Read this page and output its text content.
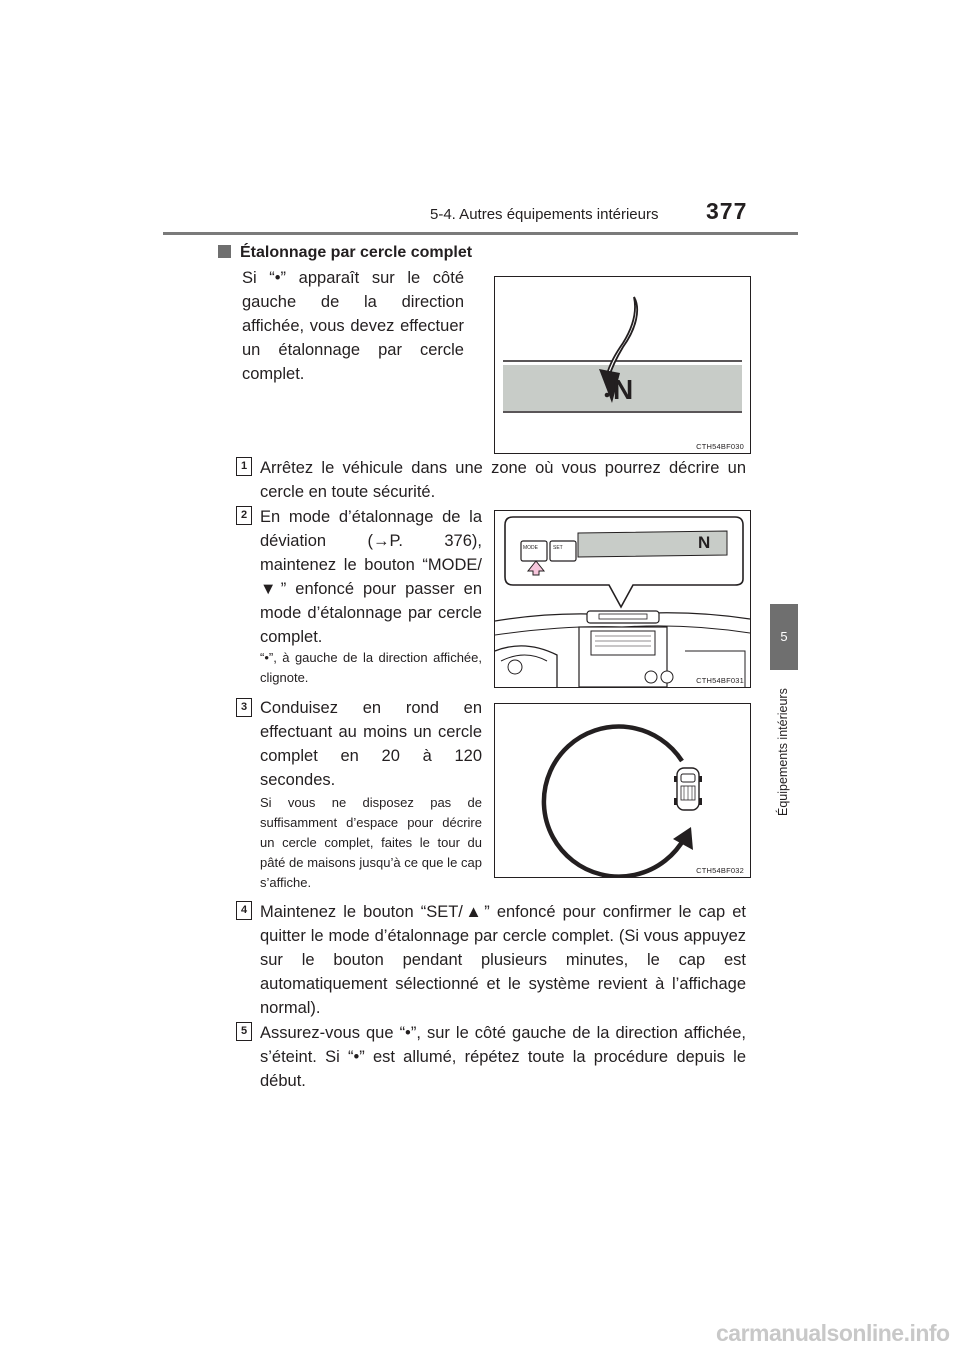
5-4. Autres équipements intérieurs 377
5
Équipements intérieurs
Étalonnage par cercle complet
Si “•” apparaît sur le côté gauche de la direction affichée, vous devez effectuer un étalonnage par cercle complet.	N
CTH54BF030
1 Arrêtez le véhicule dans une zone où vous pourrez décrire un cercle en toute sécurité.
2 En mode d’étalonnage de la déviation (→P. 376), maintenez le bouton “MODE/▼” enfoncé pour passer en mode d’étalonnage par cercle complet.
“•”, à gauche de la direction affichée, clignote.
MODE	SET	N
CTH54BF031
3 Conduisez en rond en effectuant au moins un cercle complet en 20 à 120 secondes.
Si vous ne disposez pas de suffisamment d’espace pour décrire un cercle complet, faites le tour du pâté de maisons jusqu’à ce que le cap s’affiche.
CTH54BF032
4 Maintenez le bouton “SET/▲” enfoncé pour confirmer le cap et quitter le mode d’étalonnage par cercle complet. (Si vous appuyez sur le bouton pendant plusieurs minutes, le cap est automatiquement sélectionné et le système revient à l’affichage normal).
5 Assurez-vous que “•”, sur le côté gauche de la direction affichée, s’éteint. Si “•” est allumé, répétez toute la procédure depuis le début.
carmanualsonline.info
